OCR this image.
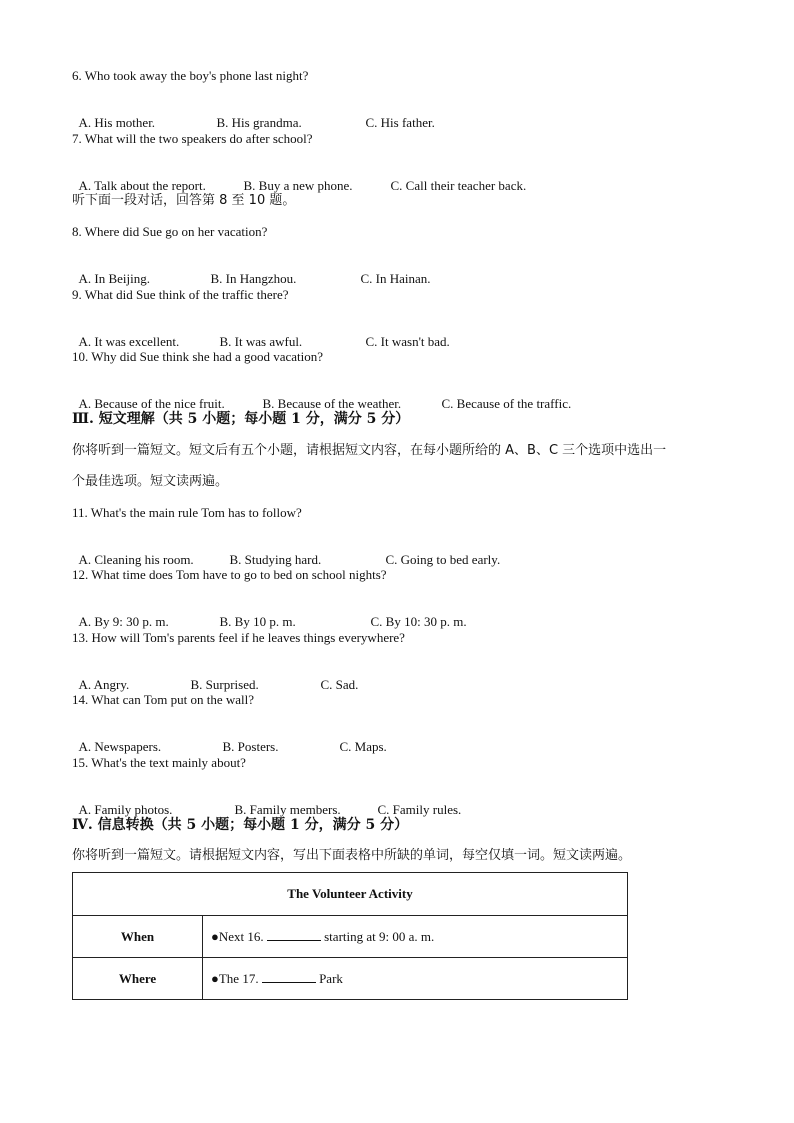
6. Who took away the boy's phone last night?

A. His mother.	B. His grandma.	C. His father.

7. What will the two speakers do after school?

A. Talk about the report.	B. Buy a new phone.	C. Call their teacher back.

听下面一段对话，回答第 8 至 10 题。
8. Where did Sue go on her vacation?

A. In Beijing.	B. In Hangzhou.	C. In Hainan.

9. What did Sue think of the traffic there?

A. It was excellent.	B. It was awful.	C. It wasn't bad.

10. Why did Sue think she had a good vacation?

A. Because of the nice fruit.	B. Because of the weather.	C. Because of the traffic.

Ⅲ. 短文理解（共 5 小题；每小题 1 分，满分 5 分）
你将听到一篇短文。短文后有五个小题，请根据短文内容，在每小题所给的 A、B、C 三个选项中选出一
个最佳选项。短文读两遍。
11. What's the main rule Tom has to follow?

A. Cleaning his room.	B. Studying hard.	C. Going to bed early.

12. What time does Tom have to go to bed on school nights?

A. By 9: 30 p. m.	B. By 10 p. m.	C. By 10: 30 p. m.

13. How will Tom's parents feel if he leaves things everywhere?

A. Angry.	B. Surprised.	C. Sad.

14. What can Tom put on the wall?

A. Newspapers.	B. Posters.	C. Maps.

15. What's the text mainly about?

A. Family photos.	B. Family members.	C. Family rules.

Ⅳ. 信息转换（共 5 小题；每小题 1 分，满分 5 分）
你将听到一篇短文。请根据短文内容，写出下面表格中所缺的单词，每空仅填一词。短文读两遍。
The Volunteer Activity	
When	●Next 16. starting at 9: 00 a. m.
Where	●The 17. Park
